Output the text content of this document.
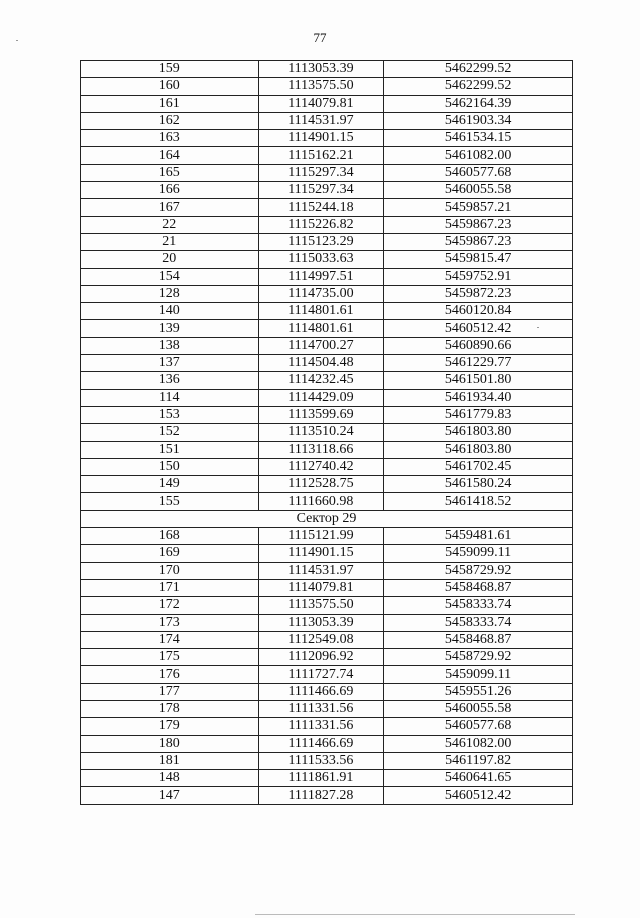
77
159	1113053.39	5462299.52
160	1113575.50	5462299.52
161	1114079.81	5462164.39
162	1114531.97	5461903.34
163	1114901.15	5461534.15
164	1115162.21	5461082.00
165	1115297.34	5460577.68
166	1115297.34	5460055.58
167	1115244.18	5459857.21
22	1115226.82	5459867.23
21	1115123.29	5459867.23
20	1115033.63	5459815.47
154	1114997.51	5459752.91
128	1114735.00	5459872.23
140	1114801.61	5460120.84
139	1114801.61	5460512.42
138	1114700.27	5460890.66
137	1114504.48	5461229.77
136	1114232.45	5461501.80
114	1114429.09	5461934.40
153	1113599.69	5461779.83
152	1113510.24	5461803.80
151	1113118.66	5461803.80
150	1112740.42	5461702.45
149	1112528.75	5461580.24
155	1111660.98	5461418.52
Сектор 29		
168	1115121.99	5459481.61
169	1114901.15	5459099.11
170	1114531.97	5458729.92
171	1114079.81	5458468.87
172	1113575.50	5458333.74
173	1113053.39	5458333.74
174	1112549.08	5458468.87
175	1112096.92	5458729.92
176	1111727.74	5459099.11
177	1111466.69	5459551.26
178	1111331.56	5460055.58
179	1111331.56	5460577.68
180	1111466.69	5461082.00
181	1111533.56	5461197.82
148	1111861.91	5460641.65
147	1111827.28	5460512.42
